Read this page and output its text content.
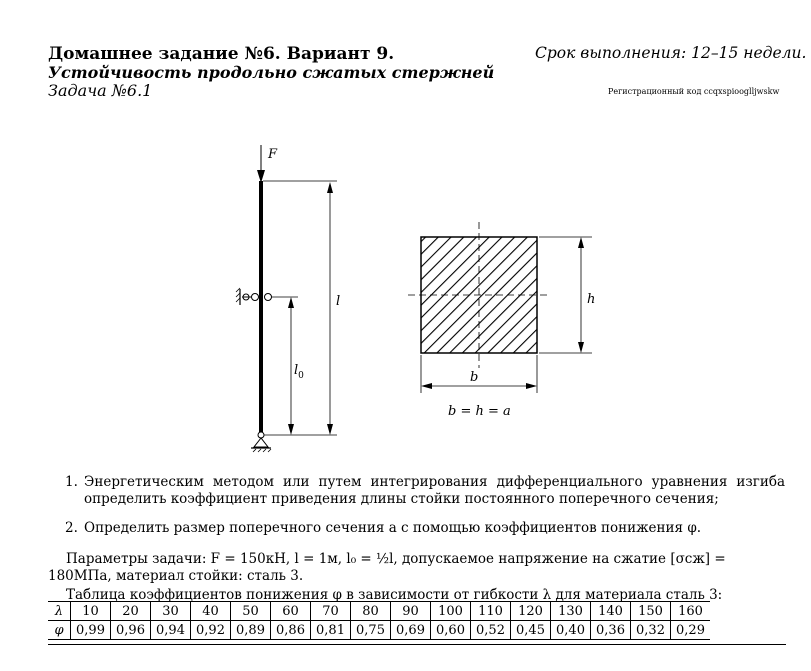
Домашнее задание №6. Вариант 9.	Срок выполнения: 12–15 недели.
Устойчивость продольно сжатых стержней
Задача №6.1	Регистрационный код ccqxspiooglljwskw
F
l
$l_0$
h
b
b = h = a
1. Энергетическим методом или путем интегрирования дифференциального уравнения изгиба определить коэффициент приведения длины стойки постоянного поперечного сечения;
2. Определить размер поперечного сечения a с помощью коэффициентов понижения φ.
Параметры задачи: F = 150кН, l = 1м, l₀ = ½l, допускаемое напряжение на сжатие [σсж] = 180МПа, материал стойки: сталь 3.
Таблица коэффициентов понижения φ в зависимости от гибкости λ для материала сталь 3:
λ	10	20	30	40	50	60	70	80	90	100	110	120	130	140	150	160
φ	0,99	0,96	0,94	0,92	0,89	0,86	0,81	0,75	0,69	0,60	0,52	0,45	0,40	0,36	0,32	0,29
